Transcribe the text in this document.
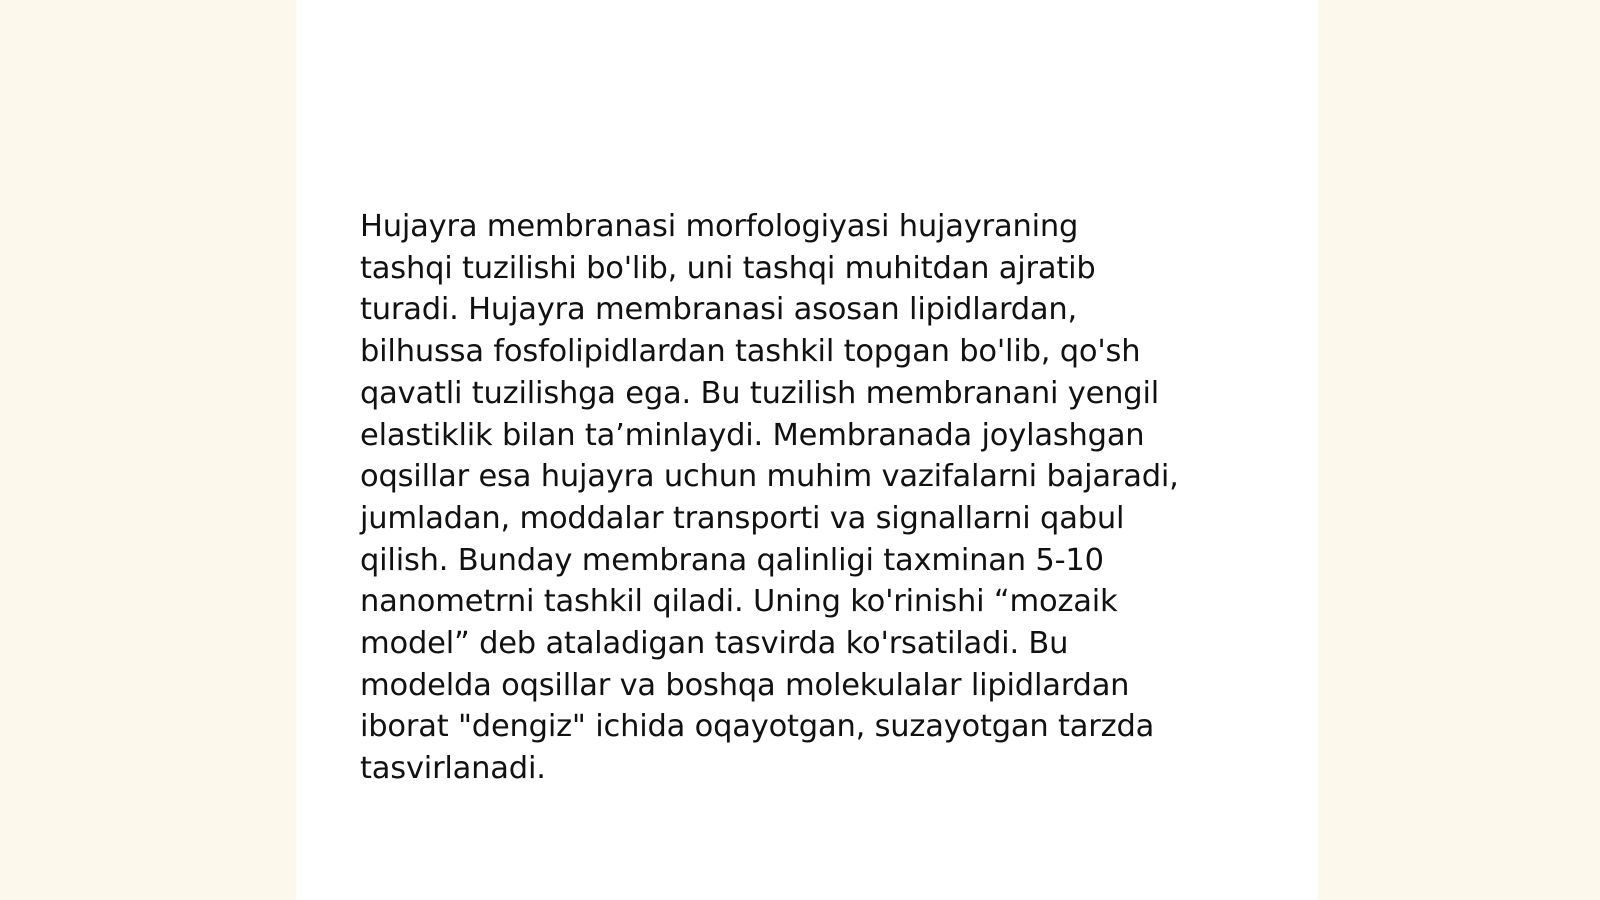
Hujayra membranasi morfologiyasi hujayraning
tashqi tuzilishi bo'lib, uni tashqi muhitdan ajratib
turadi. Hujayra membranasi asosan lipidlardan,
bilhussa fosfolipidlardan tashkil topgan bo'lib, qo'sh
qavatli tuzilishga ega. Bu tuzilish membranani yengil
elastiklik bilan ta’minlaydi. Membranada joylashgan
oqsillar esa hujayra uchun muhim vazifalarni bajaradi,
jumladan, moddalar transporti va signallarni qabul
qilish. Bunday membrana qalinligi taxminan 5-10
nanometrni tashkil qiladi. Uning ko'rinishi “mozaik
model” deb ataladigan tasvirda ko'rsatiladi. Bu
modelda oqsillar va boshqa molekulalar lipidlardan
iborat "dengiz" ichida oqayotgan, suzayotgan tarzda
tasvirlanadi.
